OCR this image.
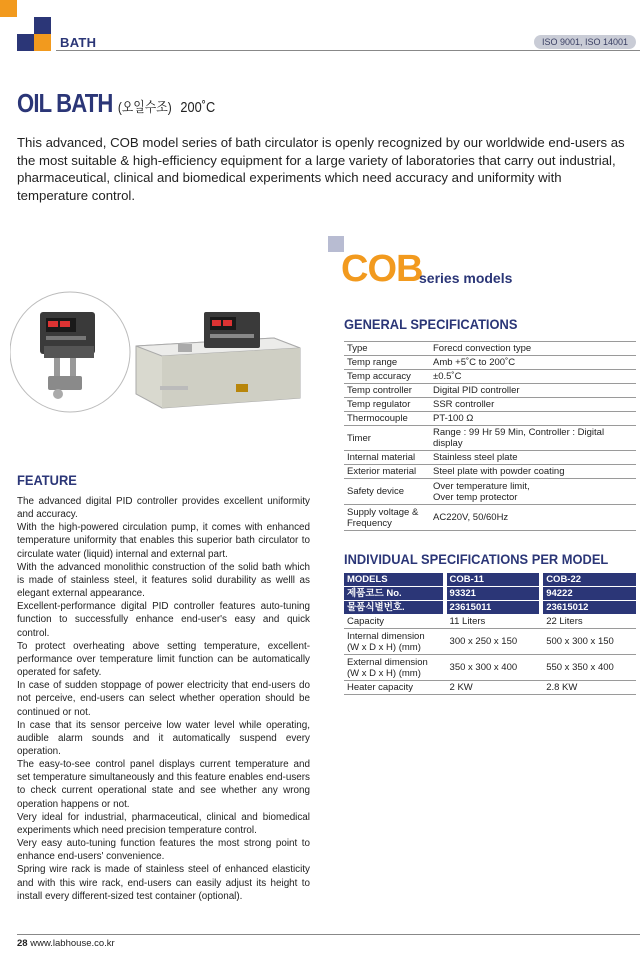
BATH	ISO 9001, ISO 14001
OIL BATH (오일수조) 200˚C

This advanced, COB model series of bath circulator is openly recognized by our worldwide end-users as the most suitable & high-efficiency equipment for a large variety of laboratories that carry out industrial, pharmaceutical, clinical and biomedical experiments which need accuracy and uniformity with temperature control.

COB
series models
GENERAL SPECIFICATIONS
Type	Forecd convection type
Temp range	Amb +5˚C to 200˚C
Temp accuracy	±0.5˚C
Temp controller	Digital PID controller
Temp regulator	SSR controller
Thermocouple	PT-100 Ω
Timer	Range : 99 Hr 59 Min, Controller : Digital display
Internal material	Stainless steel plate
Exterior material	Steel plate with powder coating
Safety device	Over temperature limit,
Over temp protector
Supply voltage &
Frequency	AC220V, 50/60Hz
INDIVIDUAL SPECIFICATIONS PER MODEL
MODELS		COB-11		COB-22
제품코드 No.		93321		94222
물품식별번호.		23615011		23615012
Capacity		11 Liters		22 Liters
Internal dimension
(W x D x H) (mm)		300 x 250 x 150		500 x 300 x 150
External dimension
(W x D x H) (mm)		350 x 300 x 400		550 x 350 x 400
Heater capacity		2 KW		2.8 KW
FEATURE

The advanced digital PID controller provides excellent uniformity and accuracy.

With the high-powered circulation pump, it comes with enhanced temperature uniformity that enables this superior bath circulator to circulate water (liquid) internal and external part.

With the advanced monolithic construction of the solid bath which is made of stainless steel, it features solid durability as welll as elegant external appearance.

Excellent-performance digital PID controller features auto-tuning function to successfully enhance end-user's easy and quick control.

To protect overheating above setting temperature, excellent-performance over temperature limit function can be automatically operated for safety.

In case of sudden stoppage of power electricity that end-users do not perceive, end-users can select whether operation should be continued or not.

In case that its sensor perceive low water level while operating, audible alarm sounds and it automatically suspend every operation.

The easy-to-see control panel displays current temperature and set temperature simultaneously and this feature enables end-users to check current operational state and see whether any wrong operation happens or not.

Very ideal for industrial, pharmaceutical, clinical and biomedical experiments which need precision temperature control.

Very easy auto-tuning function features the most strong point to enhance end-users' convenience.

Spring wire rack is made of stainless steel of enhanced elasticity and with this wire rack, end-users can easily adjust its height to install every different-sized test container (optional).

28 www.labhouse.co.kr
